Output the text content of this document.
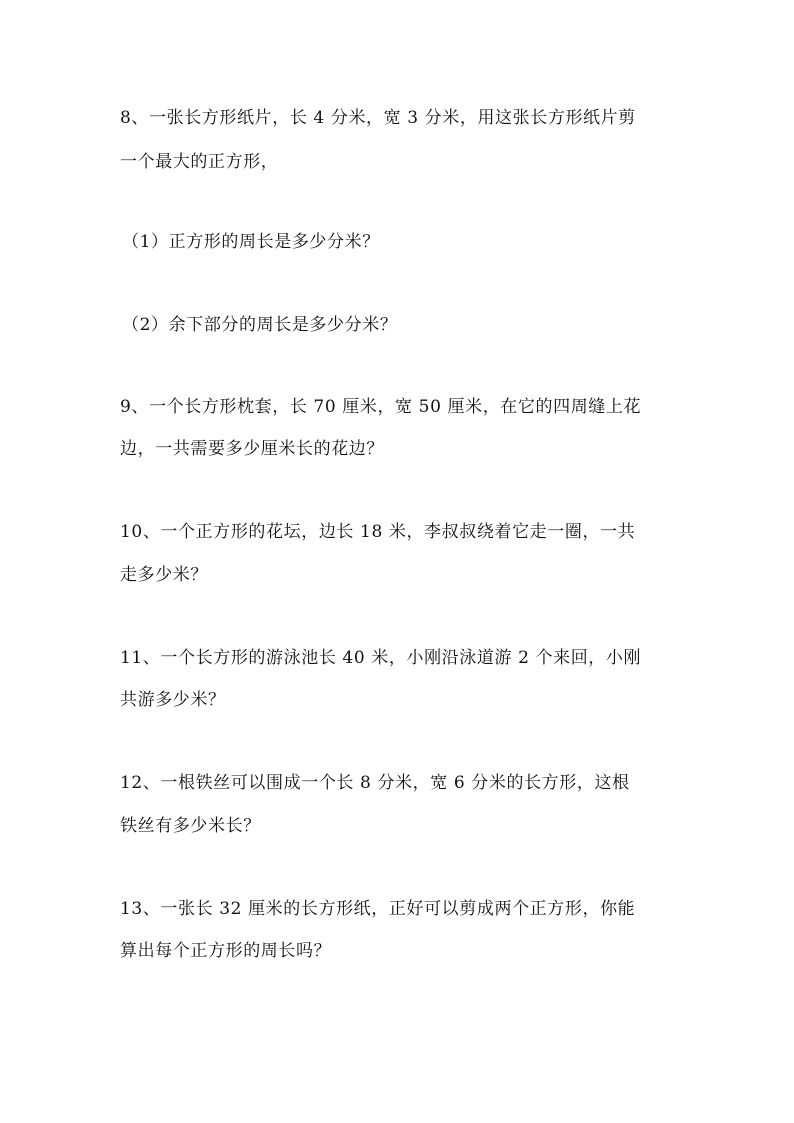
8、一张长方形纸片，长 4 分米，宽 3 分米，用这张长方形纸片剪
一个最大的正方形，
（1）正方形的周长是多少分米？
（2）余下部分的周长是多少分米？
9、一个长方形枕套，长 70 厘米，宽 50 厘米，在它的四周缝上花
边，一共需要多少厘米长的花边？
10、一个正方形的花坛，边长 18 米，李叔叔绕着它走一圈，一共
走多少米？
11、一个长方形的游泳池长 40 米，小刚沿泳道游 2 个来回，小刚
共游多少米？
12、一根铁丝可以围成一个长 8 分米，宽 6 分米的长方形，这根
铁丝有多少米长？
13、一张长 32 厘米的长方形纸，正好可以剪成两个正方形，你能
算出每个正方形的周长吗？
